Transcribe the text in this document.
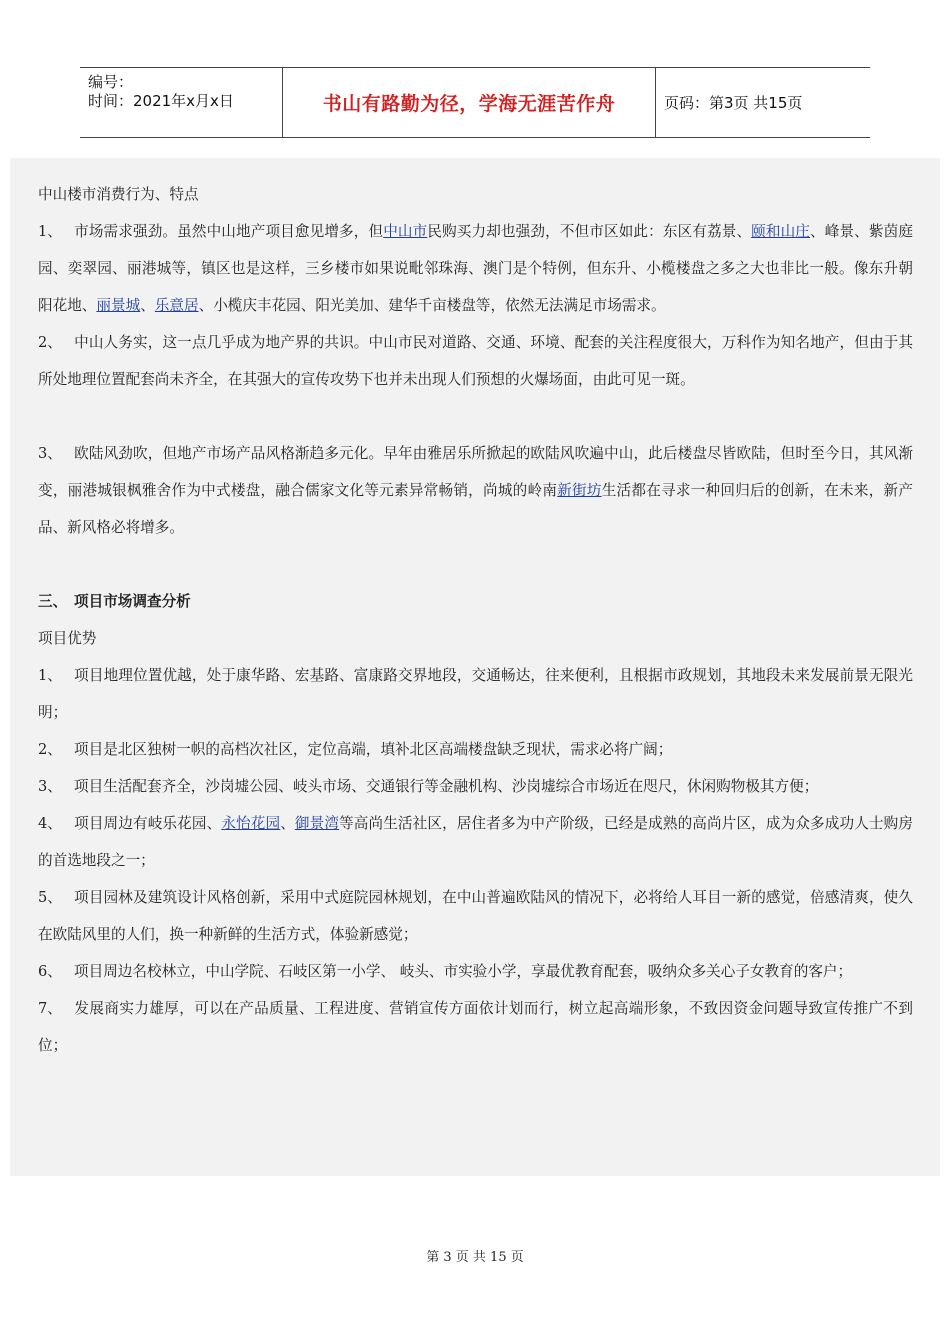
编号：
时间：2021年x月x日	书山有路勤为径，学海无涯苦作舟	页码：第3页 共15页

中山楼市消费行为、特点

1、 市场需求强劲。虽然中山地产项目愈见增多，但中山市民购买力却也强劲，不但市区如此：东区有荔景、颐和山庄、峰景、紫茵庭园、奕翠园、丽港城等，镇区也是这样，三乡楼市如果说毗邻珠海、澳门是个特例，但东升、小榄楼盘之多之大也非比一般。像东升朝阳花地、丽景城、乐意居、小榄庆丰花园、阳光美加、建华千亩楼盘等，依然无法满足市场需求。

2、 中山人务实，这一点几乎成为地产界的共识。中山市民对道路、交通、环境、配套的关注程度很大，万科作为知名地产，但由于其所处地理位置配套尚未齐全，在其强大的宣传攻势下也并未出现人们预想的火爆场面，由此可见一斑。

3、 欧陆风劲吹，但地产市场产品风格渐趋多元化。早年由雅居乐所掀起的欧陆风吹遍中山，此后楼盘尽皆欧陆，但时至今日，其风渐变，丽港城银枫雅舍作为中式楼盘，融合儒家文化等元素异常畅销，尚城的岭南新街坊生活都在寻求一种回归后的创新，在未来，新产品、新风格必将增多。

三、 项目市场调查分析

项目优势

1、 项目地理位置优越，处于康华路、宏基路、富康路交界地段，交通畅达，往来便利，且根据市政规划，其地段未来发展前景无限光明；

2、 项目是北区独树一帜的高档次社区，定位高端，填补北区高端楼盘缺乏现状，需求必将广阔；

3、 项目生活配套齐全，沙岗墟公园、岐头市场、交通银行等金融机构、沙岗墟综合市场近在咫尺，休闲购物极其方便；

4、 项目周边有岐乐花园、永怡花园、御景湾等高尚生活社区，居住者多为中产阶级，已经是成熟的高尚片区，成为众多成功人士购房的首选地段之一；

5、 项目园林及建筑设计风格创新，采用中式庭院园林规划，在中山普遍欧陆风的情况下，必将给人耳目一新的感觉，倍感清爽，使久在欧陆风里的人们，换一种新鲜的生活方式，体验新感觉；

6、 项目周边名校林立，中山学院、石岐区第一小学、 岐头、市实验小学，享最优教育配套，吸纳众多关心子女教育的客户；

7、 发展商实力雄厚，可以在产品质量、工程进度、营销宣传方面依计划而行，树立起高端形象，不致因资金问题导致宣传推广不到位；

第 3 页 共 15 页
